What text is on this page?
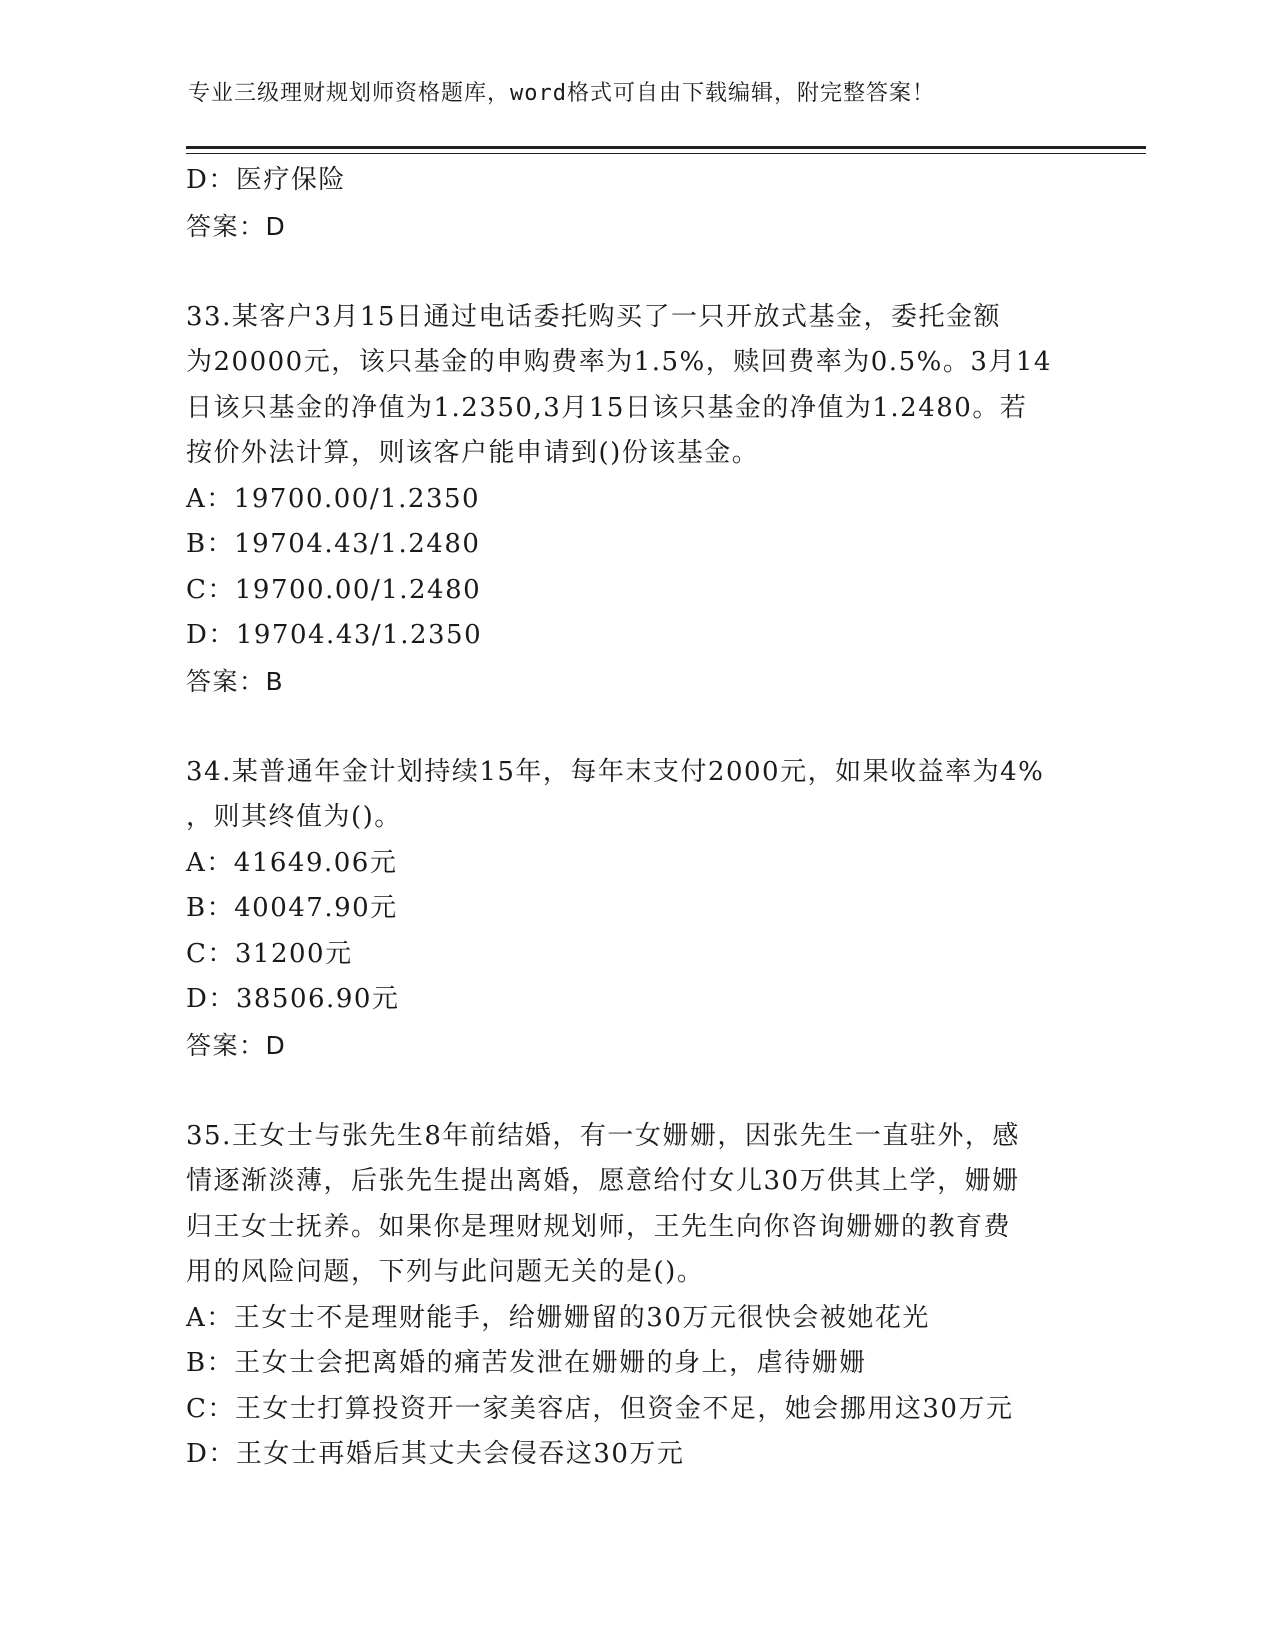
专业三级理财规划师资格题库，word格式可自由下载编辑，附完整答案！
D：医疗保险
答案：D
33.某客户3月15日通过电话委托购买了一只开放式基金，委托金额
为20000元，该只基金的申购费率为1.5%，赎回费率为0.5%。3月14
日该只基金的净值为1.2350,3月15日该只基金的净值为1.2480。若
按价外法计算，则该客户能申请到()份该基金。
A：19700.00/1.2350
B：19704.43/1.2480
C：19700.00/1.2480
D：19704.43/1.2350
答案：B
34.某普通年金计划持续15年，每年末支付2000元，如果收益率为4%
，则其终值为()。
A：41649.06元
B：40047.90元
C：31200元
D：38506.90元
答案：D
35.王女士与张先生8年前结婚，有一女姗姗，因张先生一直驻外，感
情逐渐淡薄，后张先生提出离婚，愿意给付女儿30万供其上学，姗姗
归王女士抚养。如果你是理财规划师，王先生向你咨询姗姗的教育费
用的风险问题，下列与此问题无关的是()。
A：王女士不是理财能手，给姗姗留的30万元很快会被她花光
B：王女士会把离婚的痛苦发泄在姗姗的身上，虐待姗姗
C：王女士打算投资开一家美容店，但资金不足，她会挪用这30万元
D：王女士再婚后其丈夫会侵吞这30万元
